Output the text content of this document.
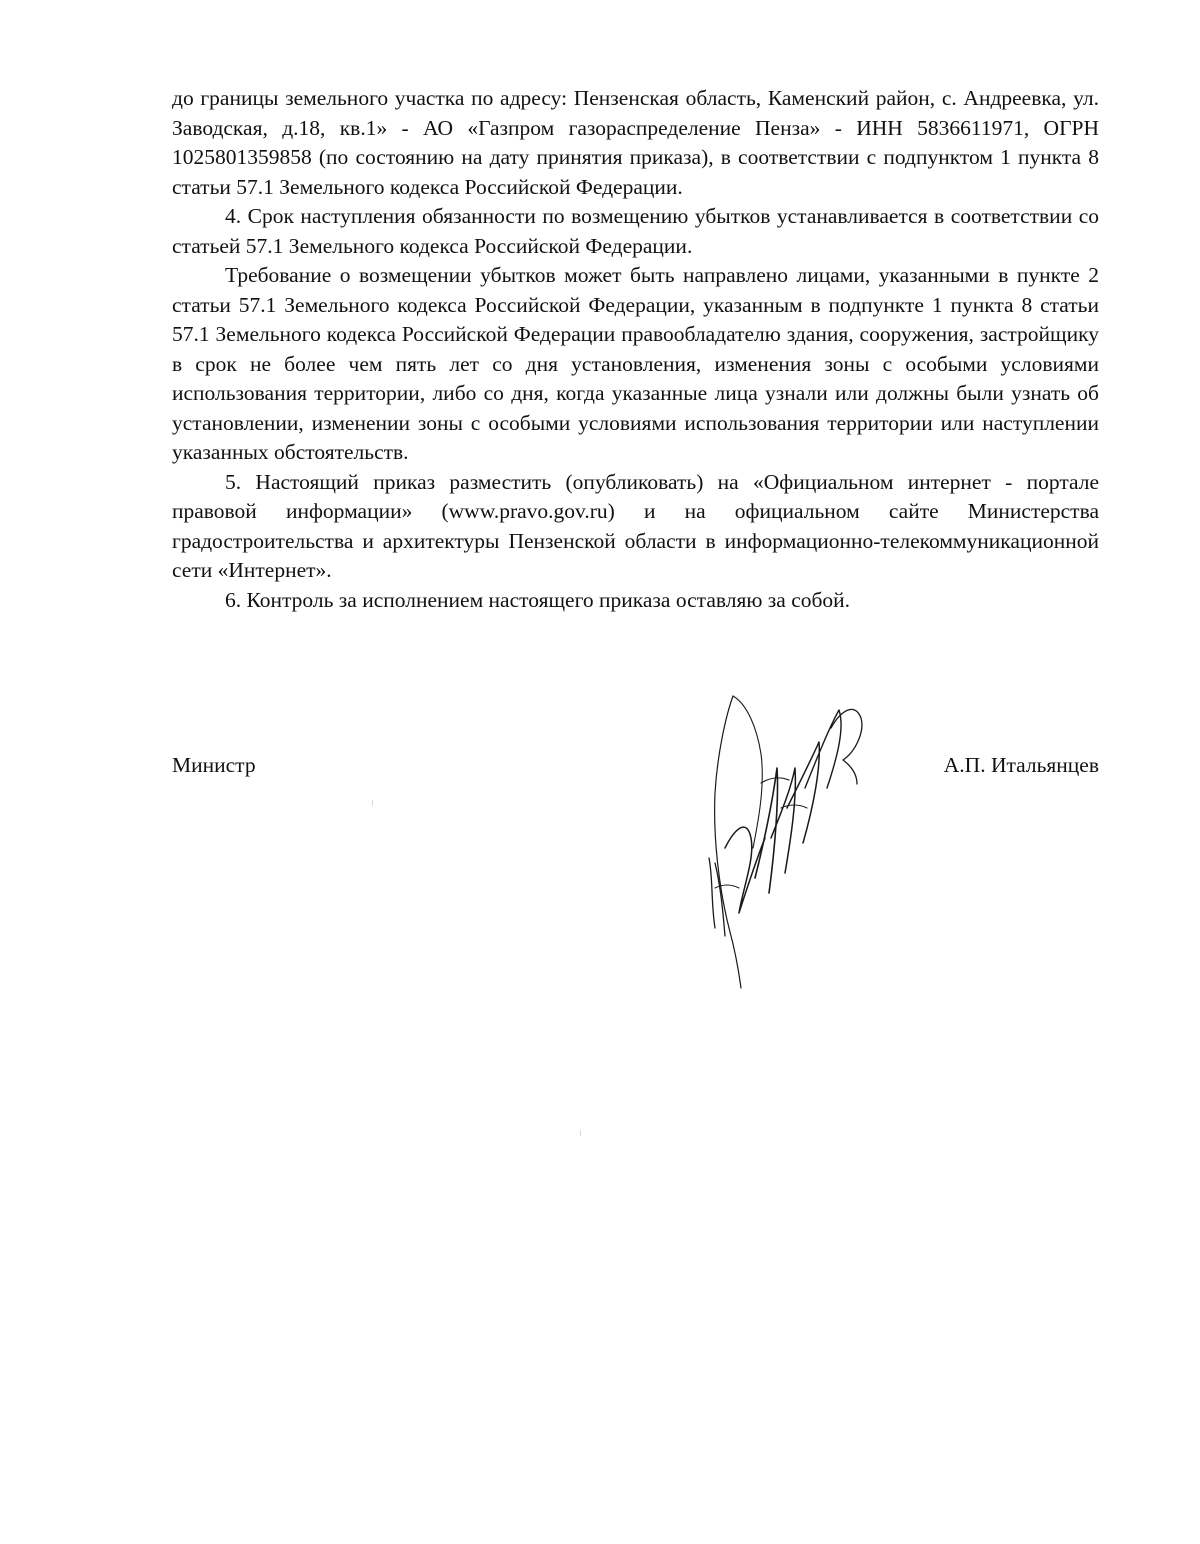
до границы земельного участка по адресу: Пензенская область, Каменский район, с. Андреевка, ул. Заводская, д.18, кв.1» - АО «Газпром газораспределение Пенза» - ИНН 5836611971, ОГРН 1025801359858 (по состоянию на дату принятия приказа), в соответствии с подпунктом 1 пункта 8 статьи 57.1 Земельного кодекса Российской Федерации.

4. Срок наступления обязанности по возмещению убытков устанавливается в соответствии со статьей 57.1 Земельного кодекса Российской Федерации.

Требование о возмещении убытков может быть направлено лицами, указанными в пункте 2 статьи 57.1 Земельного кодекса Российской Федерации, указанным в подпункте 1 пункта 8 статьи 57.1 Земельного кодекса Российской Федерации правообладателю здания, сооружения, застройщику в срок не более чем пять лет со дня установления, изменения зоны с особыми условиями использования территории, либо со дня, когда указанные лица узнали или должны были узнать об установлении, изменении зоны с особыми условиями использования территории или наступлении указанных обстоятельств.

5. Настоящий приказ разместить (опубликовать) на «Официальном интернет - портале правовой информации» (www.pravo.gov.ru) и на официальном сайте Министерства градостроительства и архитектуры Пензенской области в информационно-телекоммуникационной сети «Интернет».

6. Контроль за исполнением настоящего приказа оставляю за собой.

Министр	А.П. Итальянцев
